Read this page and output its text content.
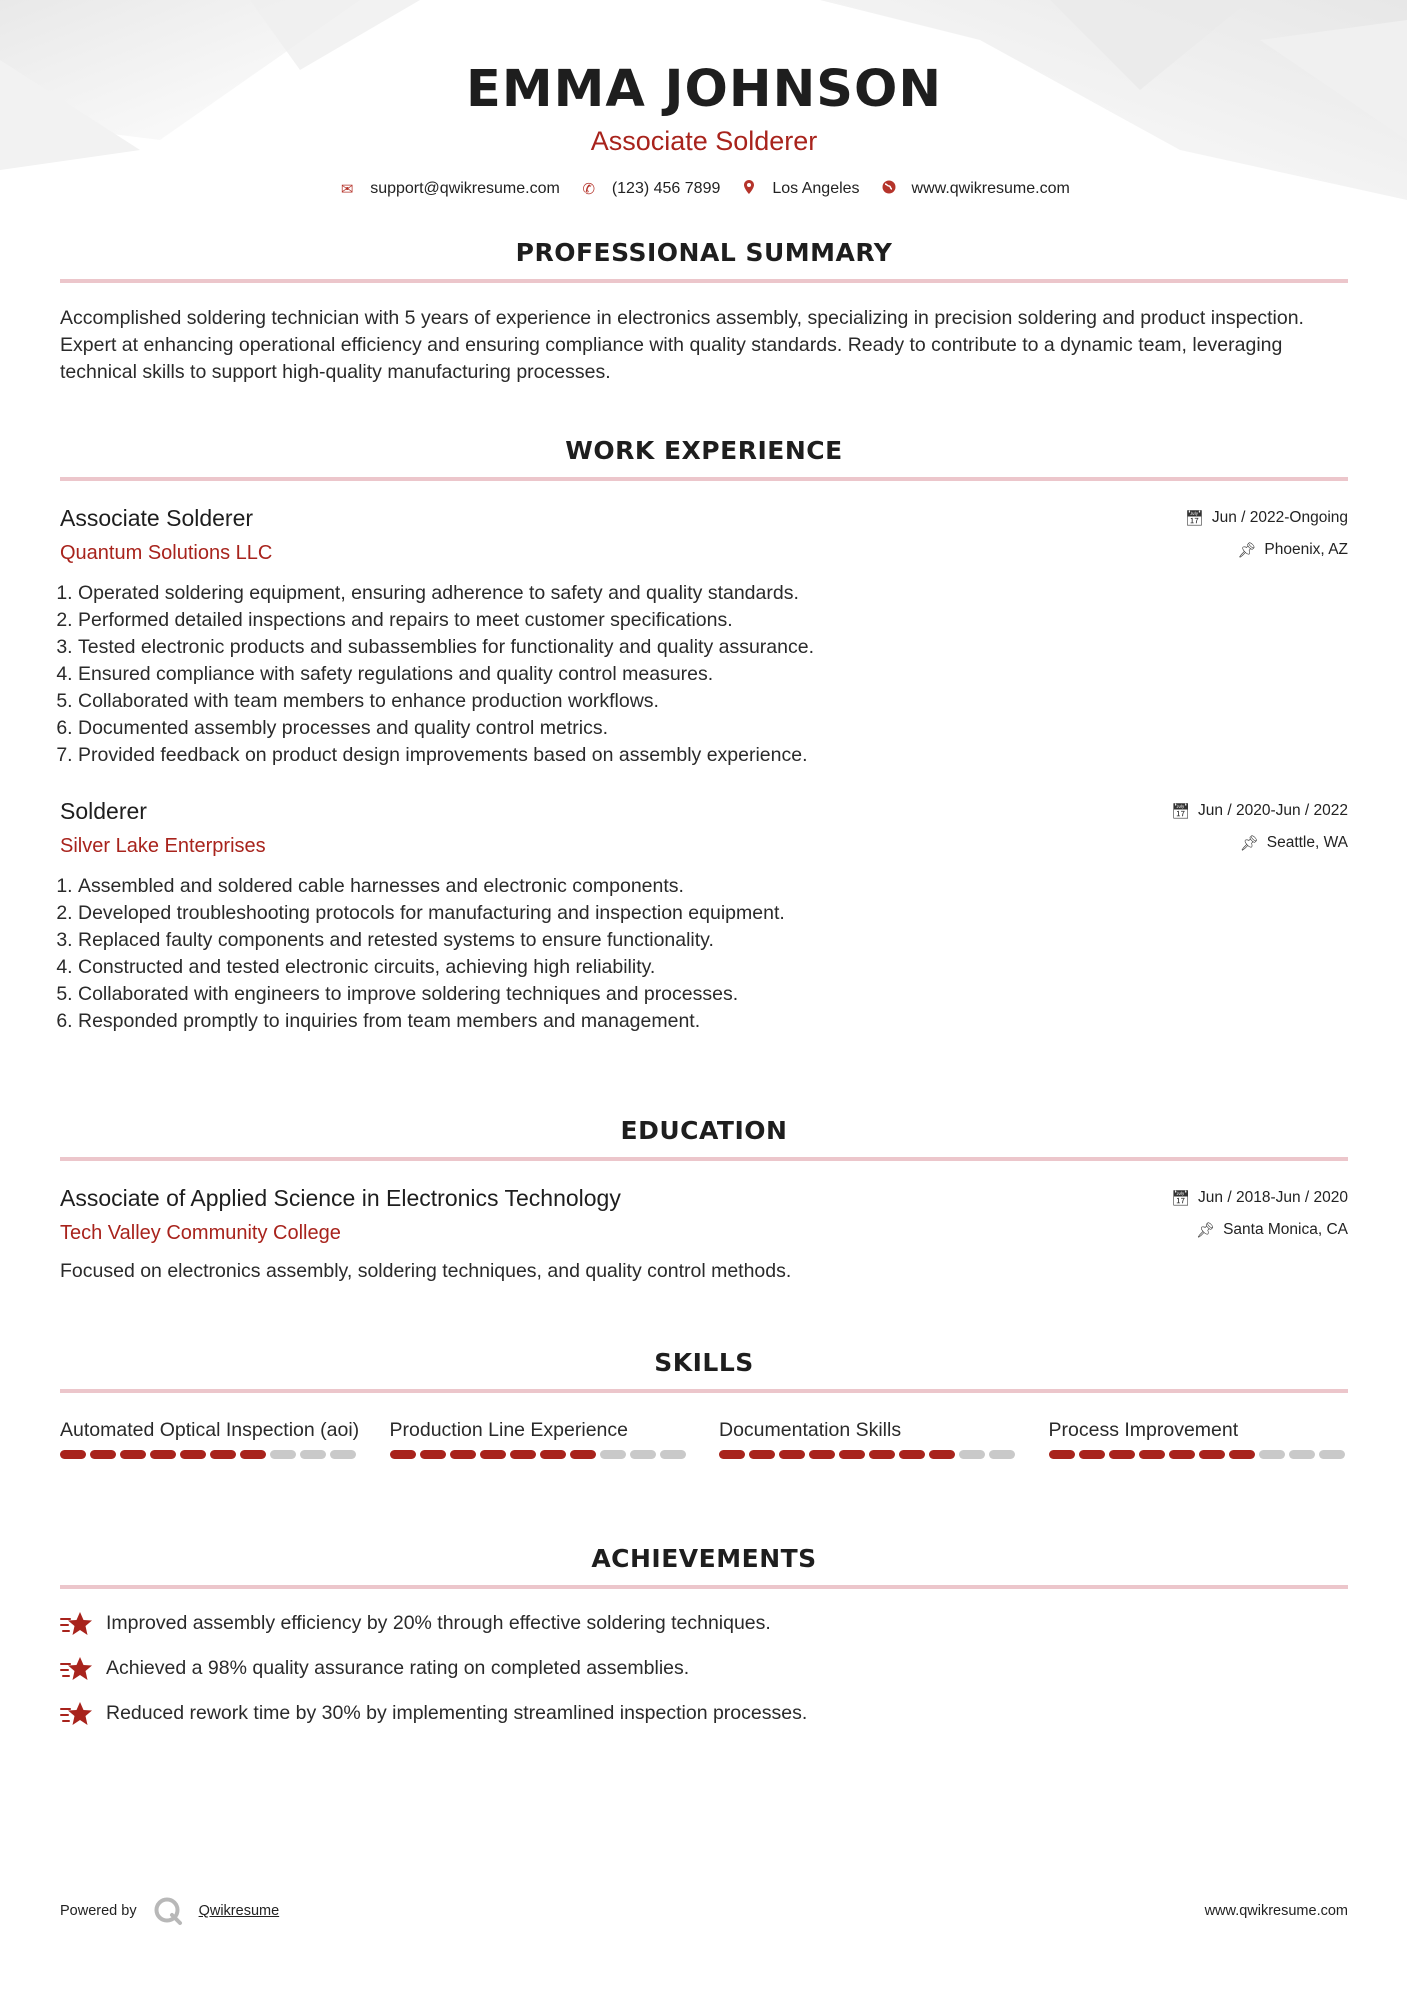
EMMA JOHNSON
Associate Solderer
✉ support@qwikresume.com ✆ (123) 456 7899	Los Angeles	www.qwikresume.com
PROFESSIONAL SUMMARY
Accomplished soldering technician with 5 years of experience in electronics assembly, specializing in precision soldering and product inspection. Expert at enhancing operational efficiency and ensuring compliance with quality standards. Ready to contribute to a dynamic team, leveraging technical skills to support high-quality manufacturing processes.
WORK EXPERIENCE
Associate Solderer
Quantum Solutions LLC
📅︎ Jun / 2022-Ongoing
📌︎ Phoenix, AZ
1. Operated soldering equipment, ensuring adherence to safety and quality standards.
2. Performed detailed inspections and repairs to meet customer specifications.
3. Tested electronic products and subassemblies for functionality and quality assurance.
4. Ensured compliance with safety regulations and quality control measures.
5. Collaborated with team members to enhance production workflows.
6. Documented assembly processes and quality control metrics.
7. Provided feedback on product design improvements based on assembly experience.
Solderer
Silver Lake Enterprises
📅︎ Jun / 2020-Jun / 2022
📌︎ Seattle, WA
1. Assembled and soldered cable harnesses and electronic components.
2. Developed troubleshooting protocols for manufacturing and inspection equipment.
3. Replaced faulty components and retested systems to ensure functionality.
4. Constructed and tested electronic circuits, achieving high reliability.
5. Collaborated with engineers to improve soldering techniques and processes.
6. Responded promptly to inquiries from team members and management.
EDUCATION
Associate of Applied Science in Electronics Technology
Tech Valley Community College
📅︎ Jun / 2018-Jun / 2020
📌︎ Santa Monica, CA
Focused on electronics assembly, soldering techniques, and quality control methods.
SKILLS
Automated Optical Inspection (aoi) Production Line Experience	Documentation Skills	Process Improvement
ACHIEVEMENTS
Improved assembly efficiency by 20% through effective soldering techniques.
Achieved a 98% quality assurance rating on completed assemblies.
Reduced rework time by 30% by implementing streamlined inspection processes.
Powered by	Qwikresume	www.qwikresume.com
